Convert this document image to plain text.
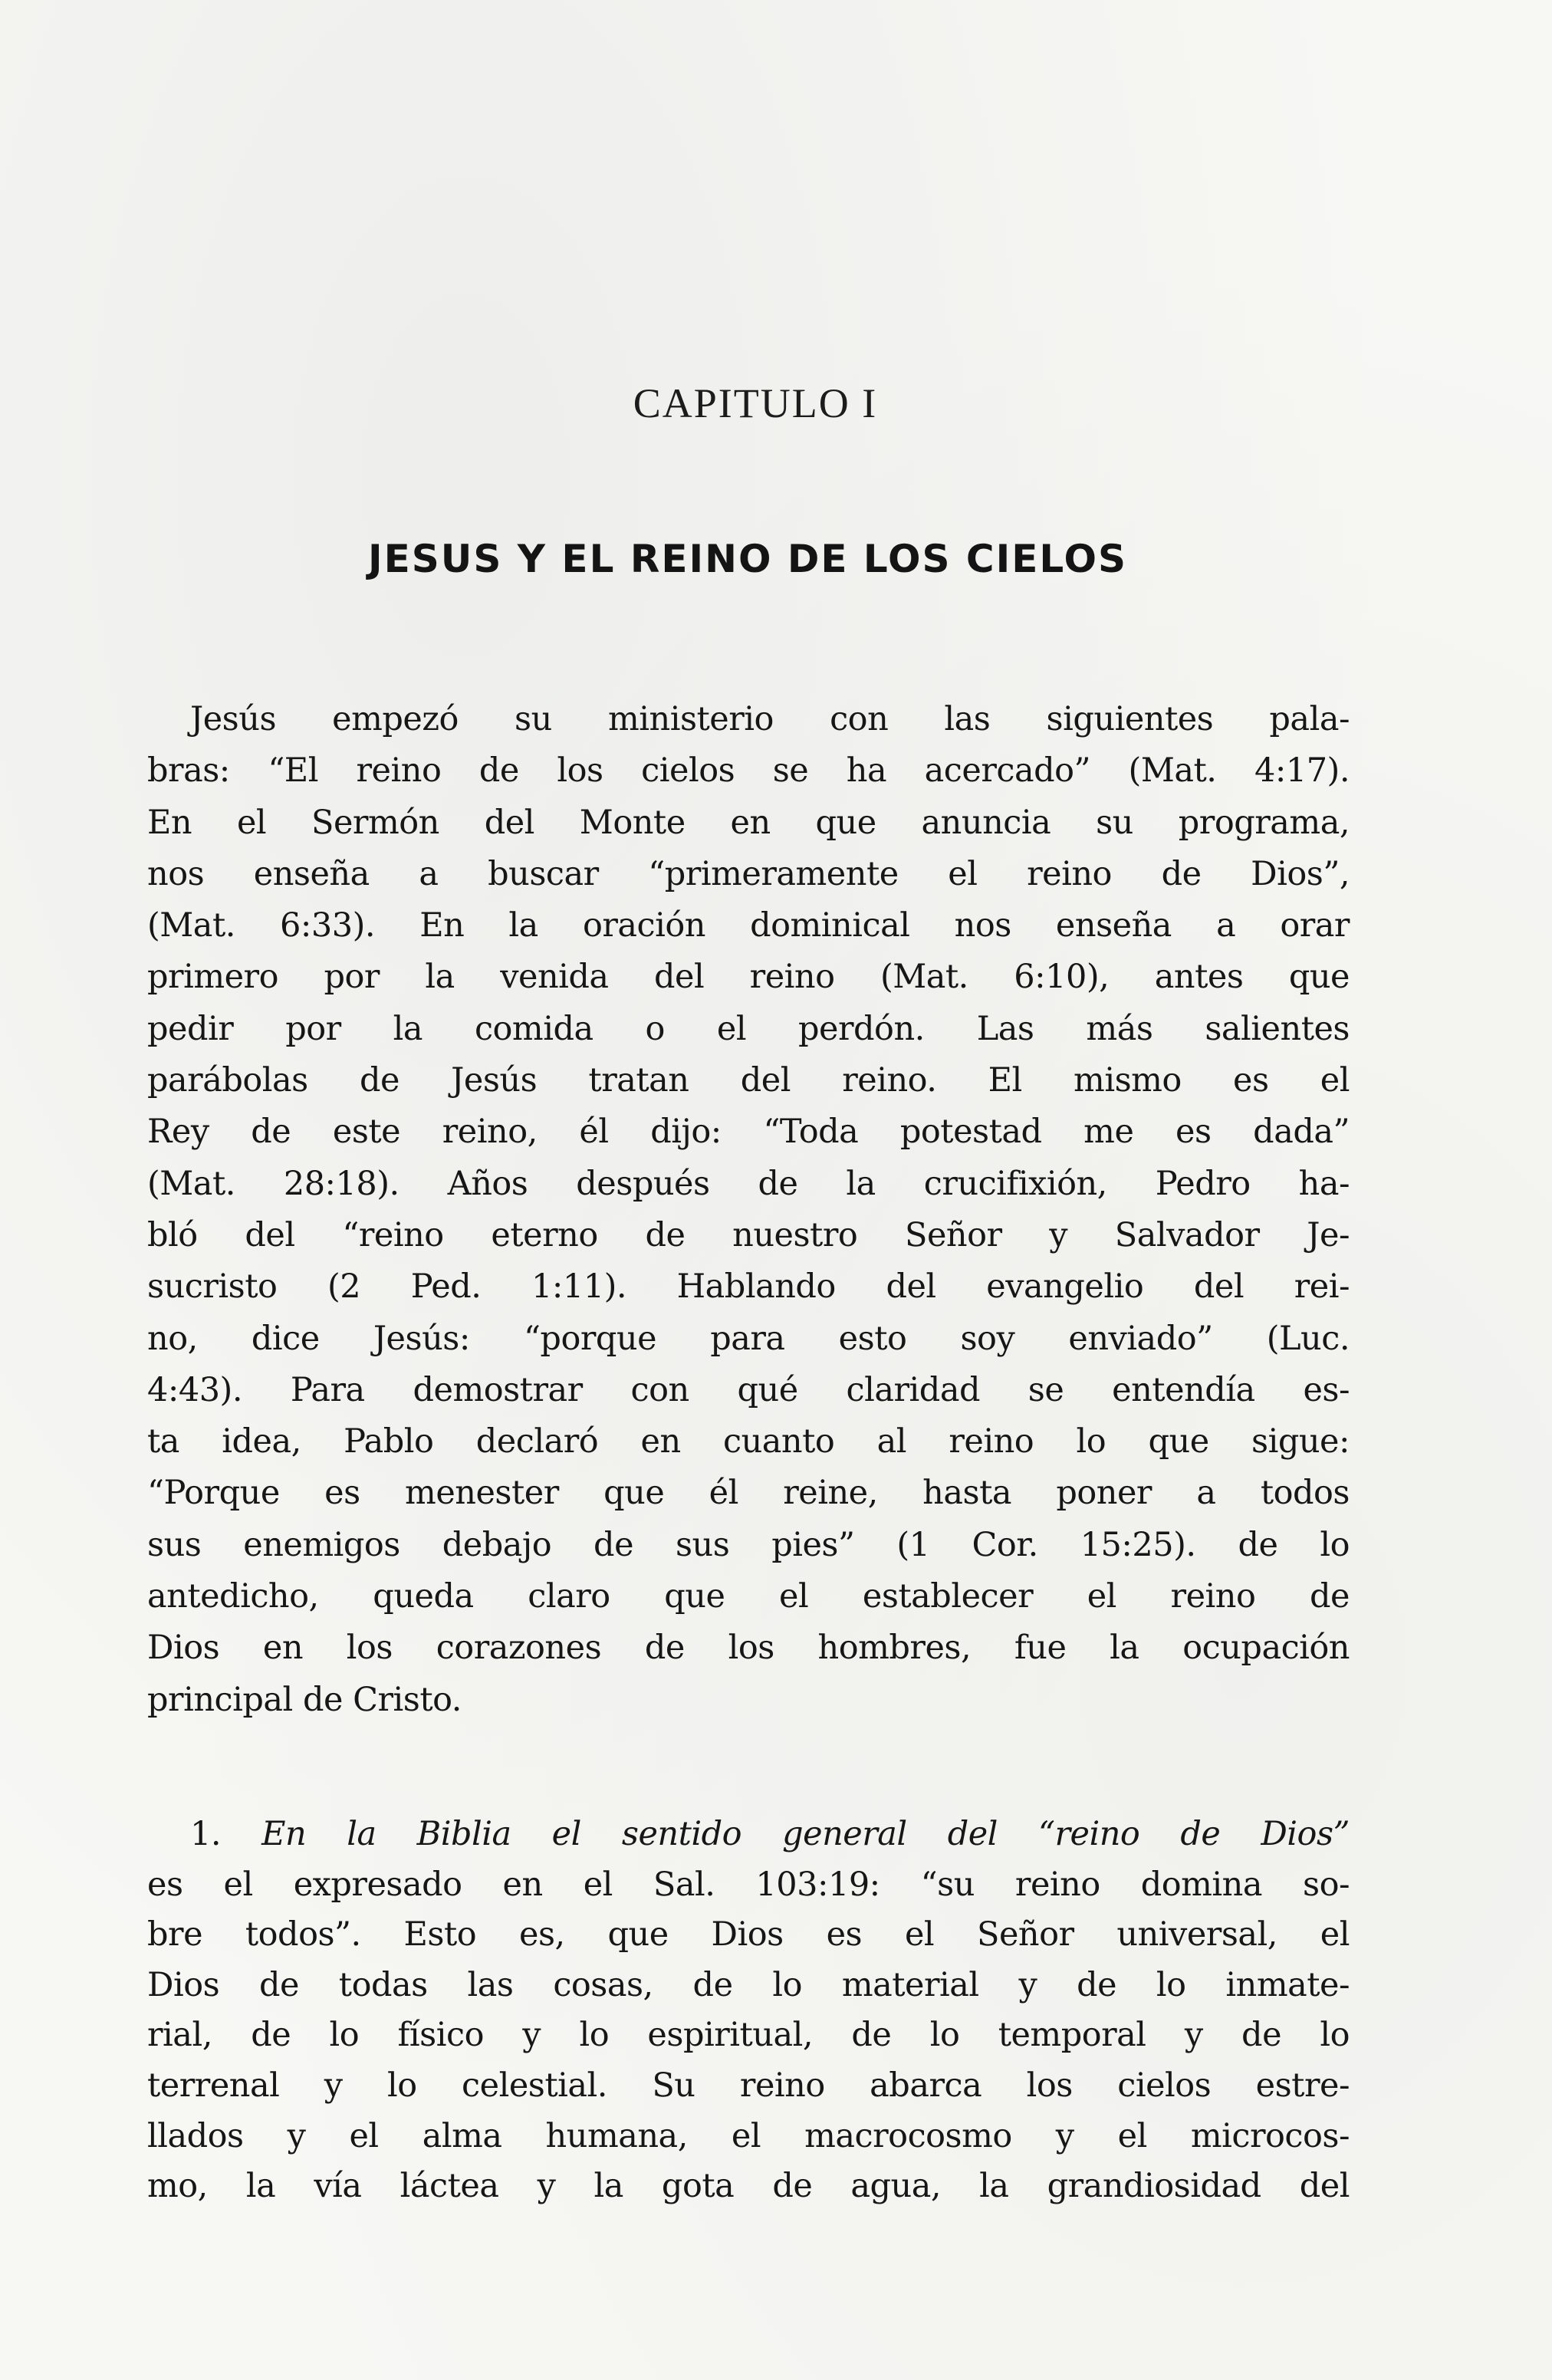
CAPITULO I
JESUS Y EL REINO DE LOS CIELOS
Jesús empezó su ministerio con las siguientes pala-
bras: “El reino de los cielos se ha acercado” (Mat. 4:17).
En el Sermón del Monte en que anuncia su programa,
nos enseña a buscar “primeramente el reino de Dios”,
(Mat. 6:33). En la oración dominical nos enseña a orar
primero por la venida del reino (Mat. 6:10), antes que
pedir por la comida o el perdón. Las más salientes
parábolas de Jesús tratan del reino. El mismo es el
Rey de este reino, él dijo: “Toda potestad me es dada”
(Mat. 28:18). Años después de la crucifixión, Pedro ha-
bló del “reino eterno de nuestro Señor y Salvador Je-
sucristo (2 Ped. 1:11). Hablando del evangelio del rei-
no, dice Jesús: “porque para esto soy enviado” (Luc.
4:43). Para demostrar con qué claridad se entendía es-
ta idea, Pablo declaró en cuanto al reino lo que sigue:
“Porque es menester que él reine, hasta poner a todos
sus enemigos debajo de sus pies” (1 Cor. 15:25). de lo
antedicho, queda claro que el establecer el reino de
Dios en los corazones de los hombres, fue la ocupación
principal de Cristo.
1. En la Biblia el sentido general del “reino de Dios”
es el expresado en el Sal. 103:19: “su reino domina so-
bre todos”. Esto es, que Dios es el Señor universal, el
Dios de todas las cosas, de lo material y de lo inmate-
rial, de lo físico y lo espiritual, de lo temporal y de lo
terrenal y lo celestial. Su reino abarca los cielos estre-
llados y el alma humana, el macrocosmo y el microcos-
mo, la vía láctea y la gota de agua, la grandiosidad del
